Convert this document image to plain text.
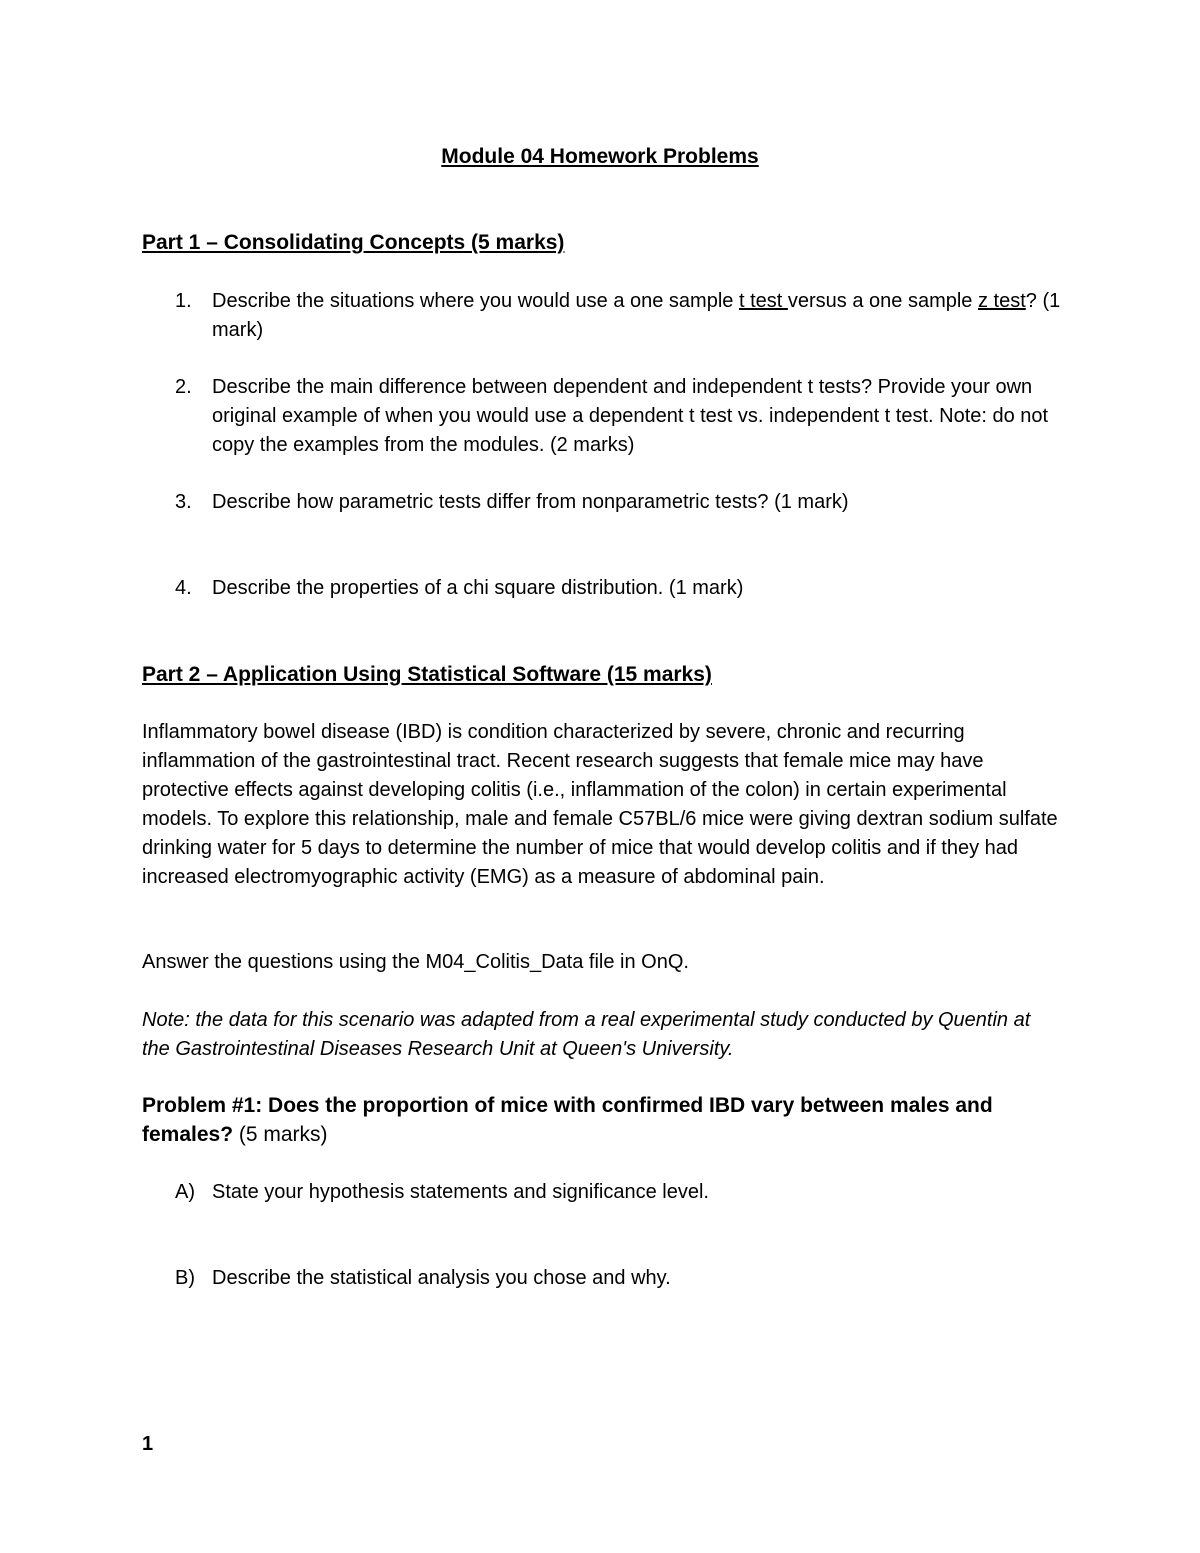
Module 04 Homework Problems
Part 1 – Consolidating Concepts (5 marks)
1. Describe the situations where you would use a one sample t test versus a one sample z test? (1 mark)
2. Describe the main difference between dependent and independent t tests? Provide your own original example of when you would use a dependent t test vs. independent t test. Note: do not copy the examples from the modules. (2 marks)
3. Describe how parametric tests differ from nonparametric tests? (1 mark)
4. Describe the properties of a chi square distribution. (1 mark)
Part 2 – Application Using Statistical Software (15 marks)

Inflammatory bowel disease (IBD) is condition characterized by severe, chronic and recurring inflammation of the gastrointestinal tract. Recent research suggests that female mice may have protective effects against developing colitis (i.e., inflammation of the colon) in certain experimental models. To explore this relationship, male and female C57BL/6 mice were giving dextran sodium sulfate drinking water for 5 days to determine the number of mice that would develop colitis and if they had increased electromyographic activity (EMG) as a measure of abdominal pain.

Answer the questions using the M04_Colitis_Data file in OnQ.

Note: the data for this scenario was adapted from a real experimental study conducted by Quentin at the Gastrointestinal Diseases Research Unit at Queen's University.

Problem #1: Does the proportion of mice with confirmed IBD vary between males and females? (5 marks)

A) State your hypothesis statements and significance level.
B) Describe the statistical analysis you chose and why.
1
